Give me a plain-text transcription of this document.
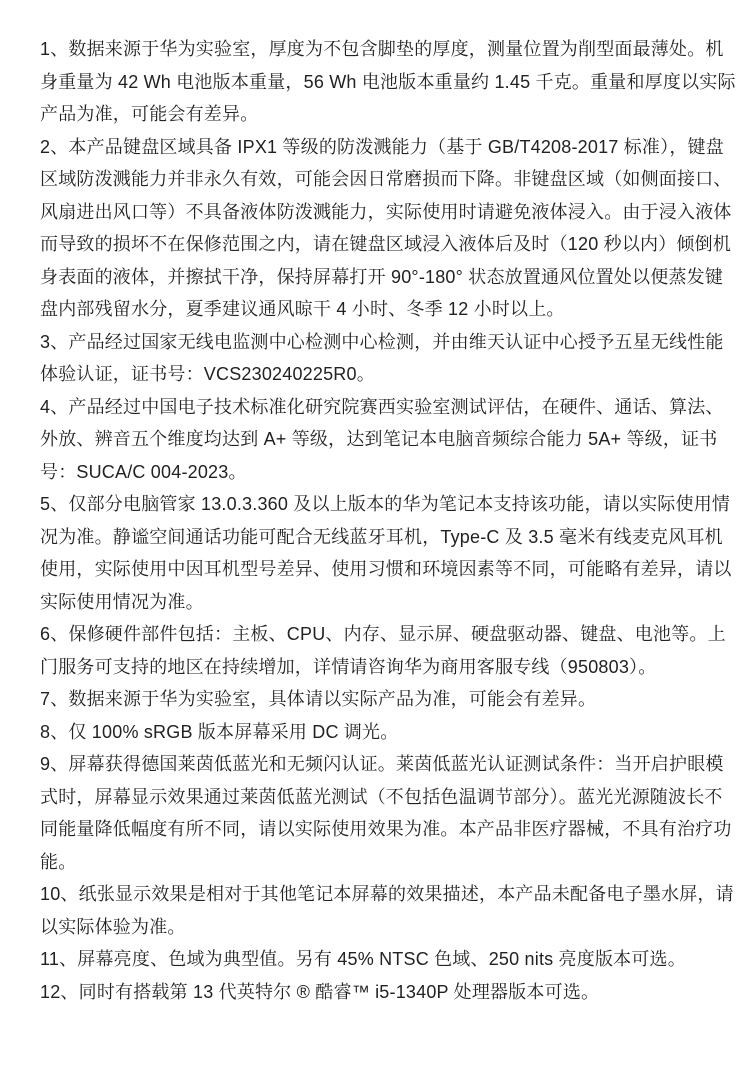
1、数据来源于华为实验室，厚度为不包含脚垫的厚度，测量位置为削型面最薄处。机身重量为 42 Wh 电池版本重量，56 Wh 电池版本重量约 1.45 千克。重量和厚度以实际产品为准，可能会有差异。

2、本产品键盘区域具备 IPX1 等级的防泼溅能力（基于 GB/T4208-2017 标准），键盘区域防泼溅能力并非永久有效，可能会因日常磨损而下降。非键盘区域（如侧面接口、风扇进出风口等）不具备液体防泼溅能力，实际使用时请避免液体浸入。由于浸入液体而导致的损坏不在保修范围之内，请在键盘区域浸入液体后及时（120 秒以内）倾倒机身表面的液体，并擦拭干净，保持屏幕打开 90°-180° 状态放置通风位置处以便蒸发键盘内部残留水分，夏季建议通风晾干 4 小时、冬季 12 小时以上。

3、产品经过国家无线电监测中心检测中心检测，并由维天认证中心授予五星无线性能体验认证，证书号：VCS230240225R0。

4、产品经过中国电子技术标准化研究院赛西实验室测试评估，在硬件、通话、算法、外放、辨音五个维度均达到 A+ 等级，达到笔记本电脑音频综合能力 5A+ 等级，证书号：SUCA/C 004-2023。

5、仅部分电脑管家 13.0.3.360 及以上版本的华为笔记本支持该功能，请以实际使用情况为准。静谧空间通话功能可配合无线蓝牙耳机，Type-C 及 3.5 毫米有线麦克风耳机使用，实际使用中因耳机型号差异、使用习惯和环境因素等不同，可能略有差异，请以实际使用情况为准。

6、保修硬件部件包括：主板、CPU、内存、显示屏、硬盘驱动器、键盘、电池等。上门服务可支持的地区在持续增加，详情请咨询华为商用客服专线（950803）。

7、数据来源于华为实验室，具体请以实际产品为准，可能会有差异。

8、仅 100% sRGB 版本屏幕采用 DC 调光。

9、屏幕获得德国莱茵低蓝光和无频闪认证。莱茵低蓝光认证测试条件：当开启护眼模式时，屏幕显示效果通过莱茵低蓝光测试（不包括色温调节部分）。蓝光光源随波长不同能量降低幅度有所不同，请以实际使用效果为准。本产品非医疗器械，不具有治疗功能。

10、纸张显示效果是相对于其他笔记本屏幕的效果描述，本产品未配备电子墨水屏，请以实际体验为准。

11、屏幕亮度、色域为典型值。另有 45% NTSC 色域、250 nits 亮度版本可选。

12、同时有搭载第 13 代英特尔 ® 酷睿™ i5-1340P 处理器版本可选。
